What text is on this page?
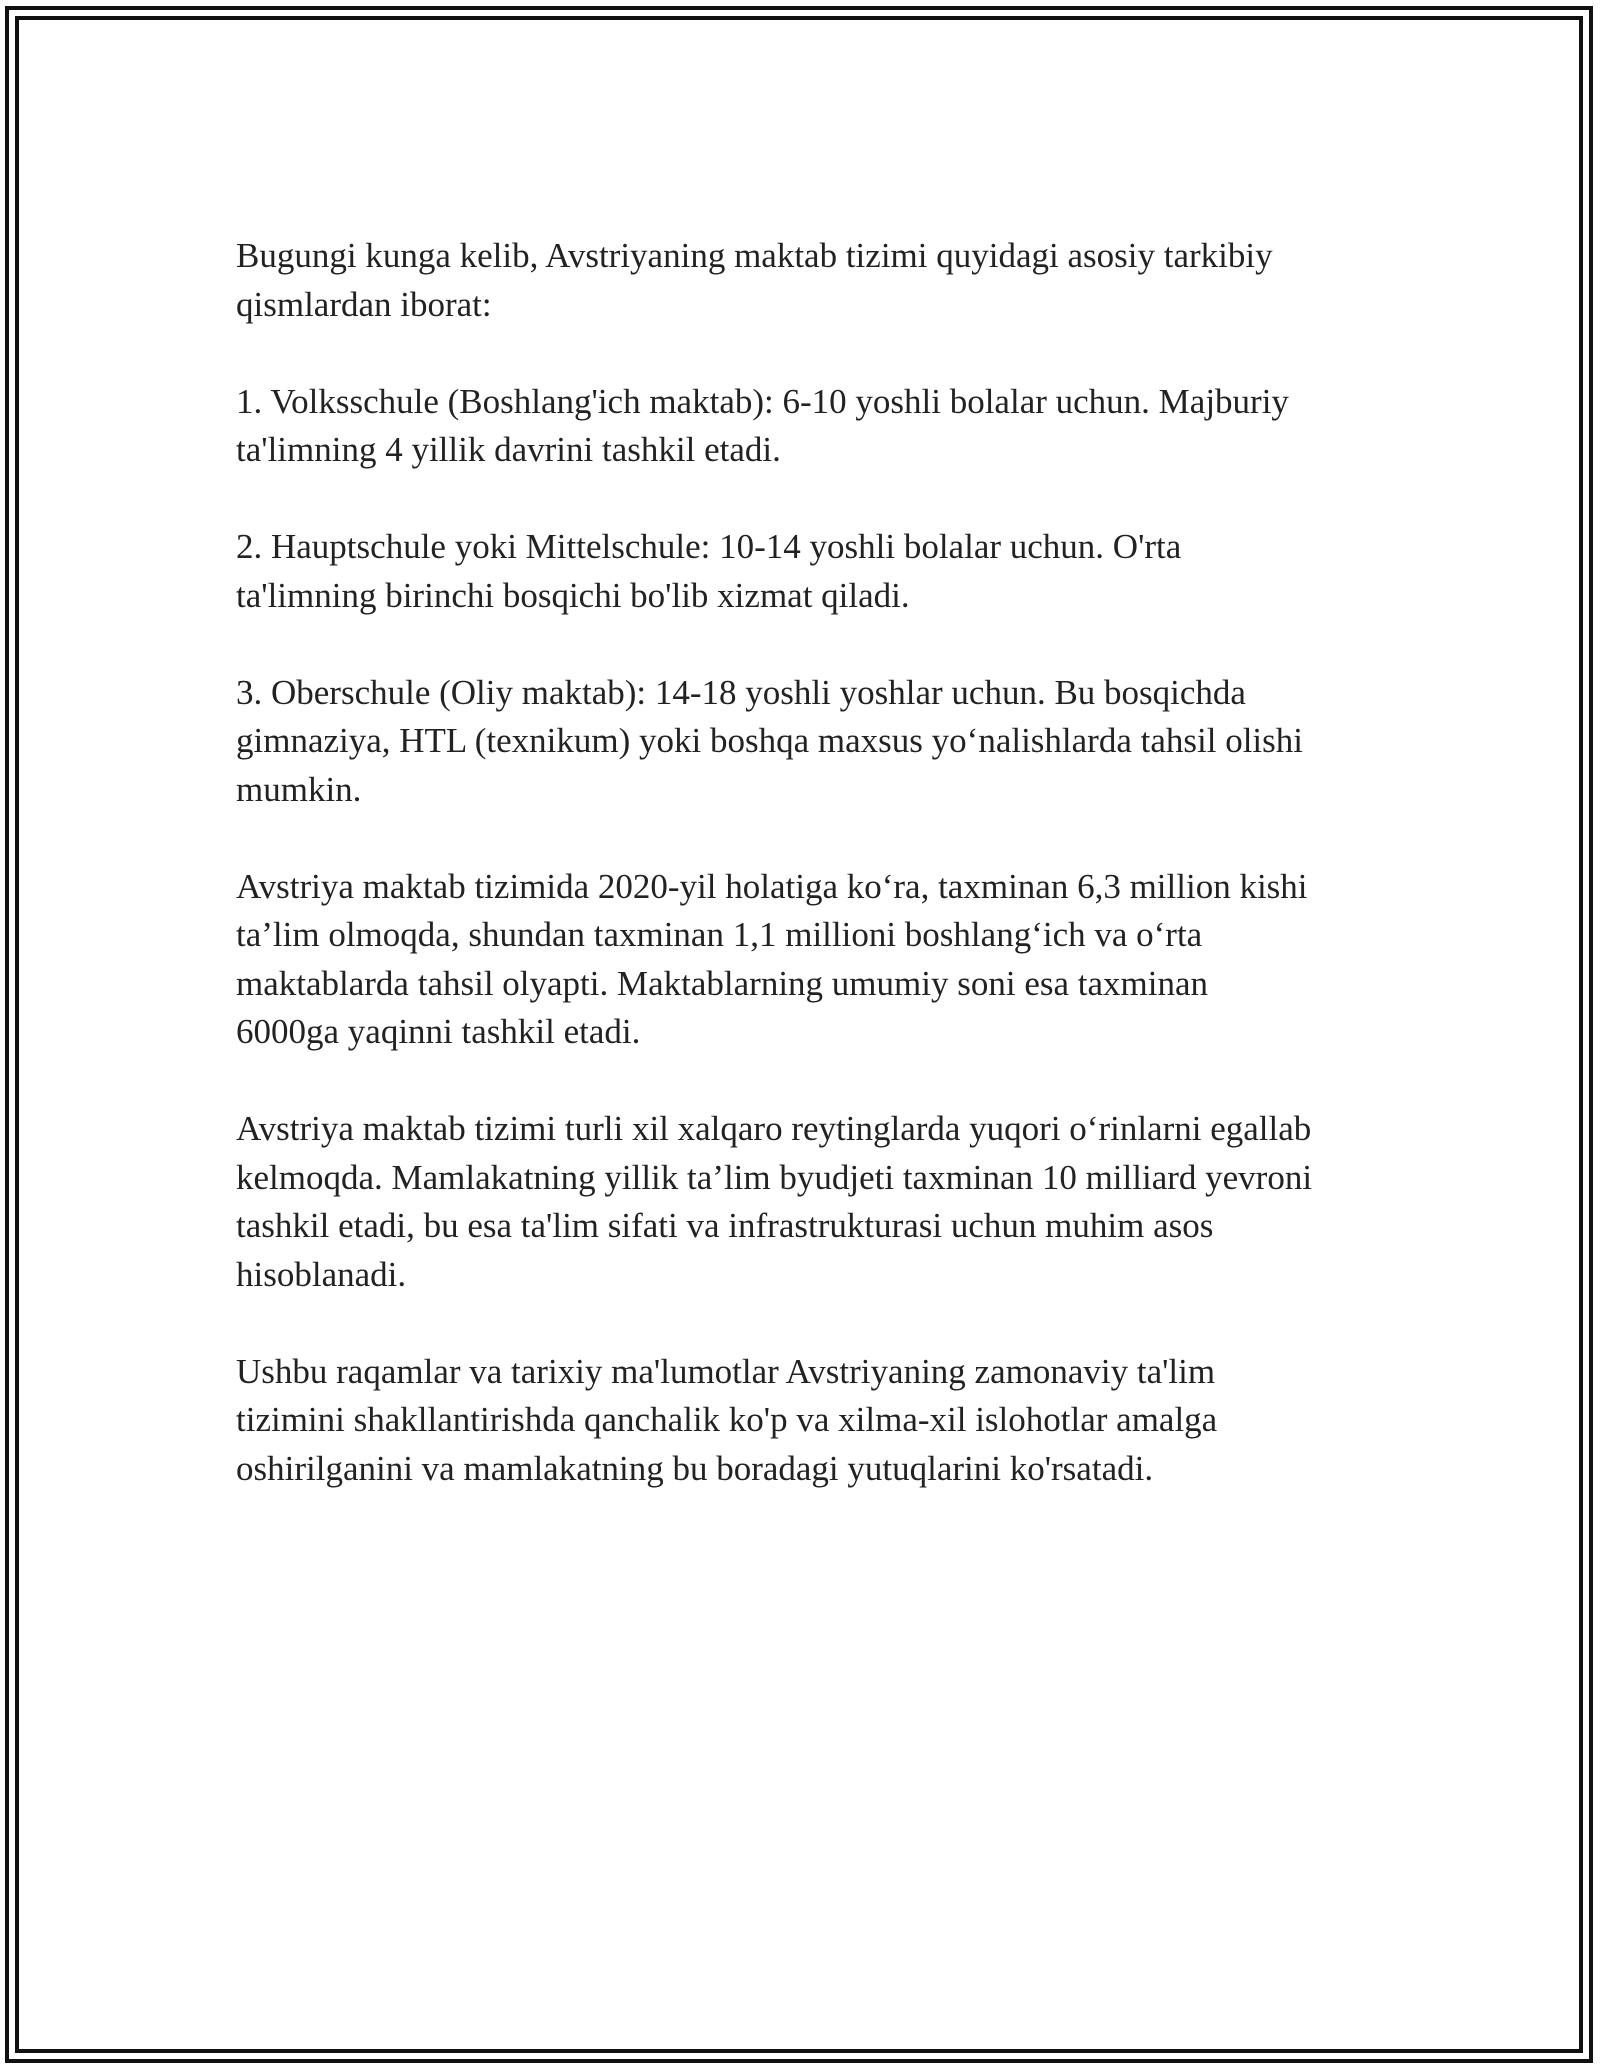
Bugungi kunga kelib, Avstriyaning maktab tizimi quyidagi asosiy tarkibiy
qismlardan iborat:

1. Volksschule (Boshlang'ich maktab): 6-10 yoshli bolalar uchun. Majburiy
ta'limning 4 yillik davrini tashkil etadi.

2. Hauptschule yoki Mittelschule: 10-14 yoshli bolalar uchun. O'rta
ta'limning birinchi bosqichi bo'lib xizmat qiladi.

3. Oberschule (Oliy maktab): 14-18 yoshli yoshlar uchun. Bu bosqichda
gimnaziya, HTL (texnikum) yoki boshqa maxsus yo‘nalishlarda tahsil olishi
mumkin.

Avstriya maktab tizimida 2020-yil holatiga ko‘ra, taxminan 6,3 million kishi
ta’lim olmoqda, shundan taxminan 1,1 millioni boshlang‘ich va o‘rta
maktablarda tahsil olyapti. Maktablarning umumiy soni esa taxminan
6000ga yaqinni tashkil etadi.

Avstriya maktab tizimi turli xil xalqaro reytinglarda yuqori o‘rinlarni egallab
kelmoqda. Mamlakatning yillik ta’lim byudjeti taxminan 10 milliard yevroni
tashkil etadi, bu esa ta'lim sifati va infrastrukturasi uchun muhim asos
hisoblanadi.

Ushbu raqamlar va tarixiy ma'lumotlar Avstriyaning zamonaviy ta'lim
tizimini shakllantirishda qanchalik ko'p va xilma-xil islohotlar amalga
oshirilganini va mamlakatning bu boradagi yutuqlarini ko'rsatadi.
